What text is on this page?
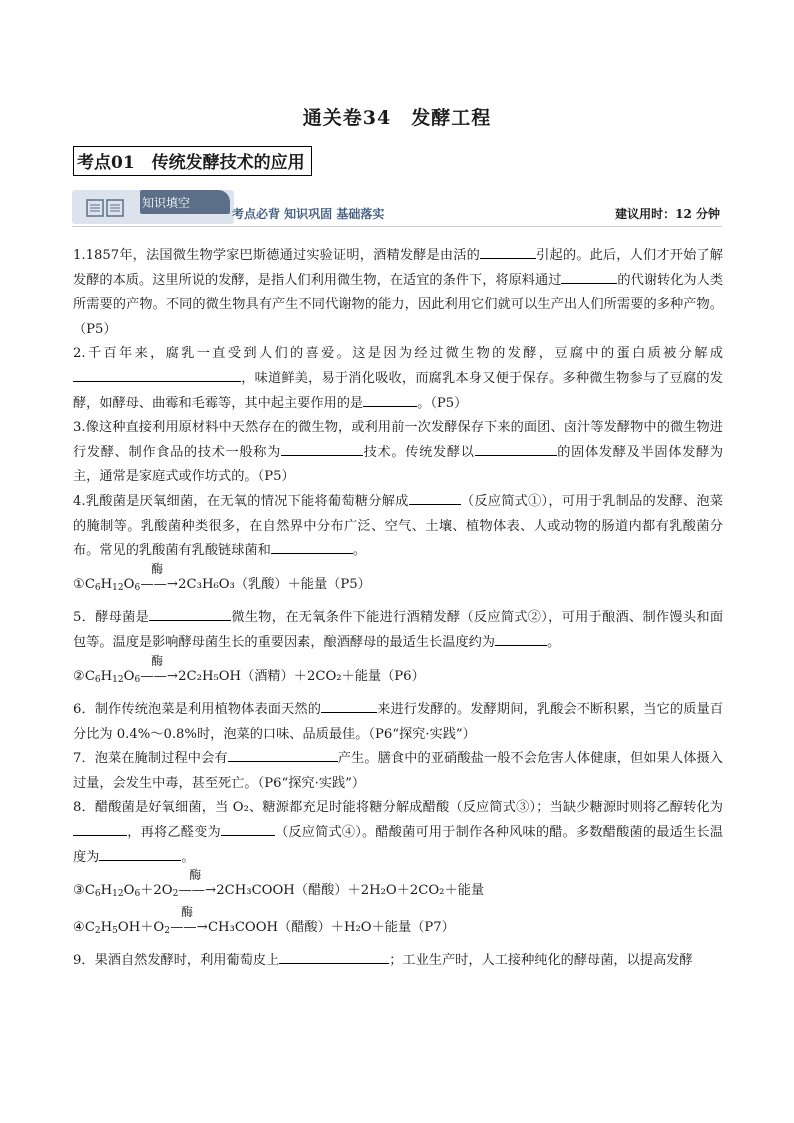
通关卷34　发酵工程
考点01　传统发酵技术的应用
知识填空
考点必背 知识巩固 基础落实	建议用时：12 分钟

1.1857年，法国微生物学家巴斯德通过实验证明，酒精发酵是由活的	引起的。此后，人们才开始了解发酵的本质。这里所说的发酵，是指人们利用微生物，在适宜的条件下，将原料通过	的代谢转化为人类所需要的产物。不同的微生物具有产生不同代谢物的能力，因此利用它们就可以生产出人们所需要的多种产物。（P5）

2.千百年来，腐乳一直受到人们的喜爱。这是因为经过微生物的发酵，豆腐中的蛋白质被分解成，味道鲜美，易于消化吸收，而腐乳本身又便于保存。多种微生物参与了豆腐的发酵，如酵母、曲霉和毛霉等，其中起主要作用的是	。（P5）

3.像这种直接利用原材料中天然存在的微生物，或利用前一次发酵保存下来的面团、卤汁等发酵物中的微生物进行发酵、制作食品的技术一般称为	技术。传统发酵以	的固体发酵及半固体发酵为主，通常是家庭式或作坊式的。（P5）

4.乳酸菌是厌氧细菌，在无氧的情况下能将葡萄糖分解成	（反应简式①），可用于乳制品的发酵、泡菜的腌制等。乳酸菌种类很多，在自然界中分布广泛、空气、土壤、植物体表、人或动物的肠道内都有乳酸菌分布。常见的乳酸菌有乳酸链球菌和	。

$①C_6H_{12}O_6$
酶
——→2C₃H₆O₃（乳酸）＋能量（P5）

5．酵母菌是	微生物，在无氧条件下能进行酒精发酵（反应简式②），可用于酿酒、制作馒头和面包等。温度是影响酵母菌生长的重要因素，酿酒酵母的最适生长温度约为	。

$②C_6H_{12}O_6$
酶
——→2C₂H₅OH（酒精）＋2CO₂＋能量（P6）

6．制作传统泡菜是利用植物体表面天然的	来进行发酵的。发酵期间，乳酸会不断积累，当它的质量百分比为 0.4%～0.8%时，泡菜的口味、品质最佳。（P6“探究·实践”）

7．泡菜在腌制过程中会有	产生。膳食中的亚硝酸盐一般不会危害人体健康，但如果人体摄入过量，会发生中毒，甚至死亡。（P6“探究·实践”）

8．醋酸菌是好氧细菌，当 O₂、糖源都充足时能将糖分解成醋酸（反应简式③）；当缺少糖源时则将乙醇转化为，再将乙醛变为	（反应简式④）。醋酸菌可用于制作各种风味的醋。多数醋酸菌的最适生长温度为	。

$③C_6H_{12}O_6+2O_2$
酶
——→2CH₃COOH（醋酸）＋2H₂O＋2CO₂＋能量

$④C_2H_5OH+O_2$
酶
——→CH₃COOH（醋酸）＋H₂O＋能量（P7）

9．果酒自然发酵时，利用葡萄皮上	；工业生产时，人工接种纯化的酵母菌，以提高发酵
